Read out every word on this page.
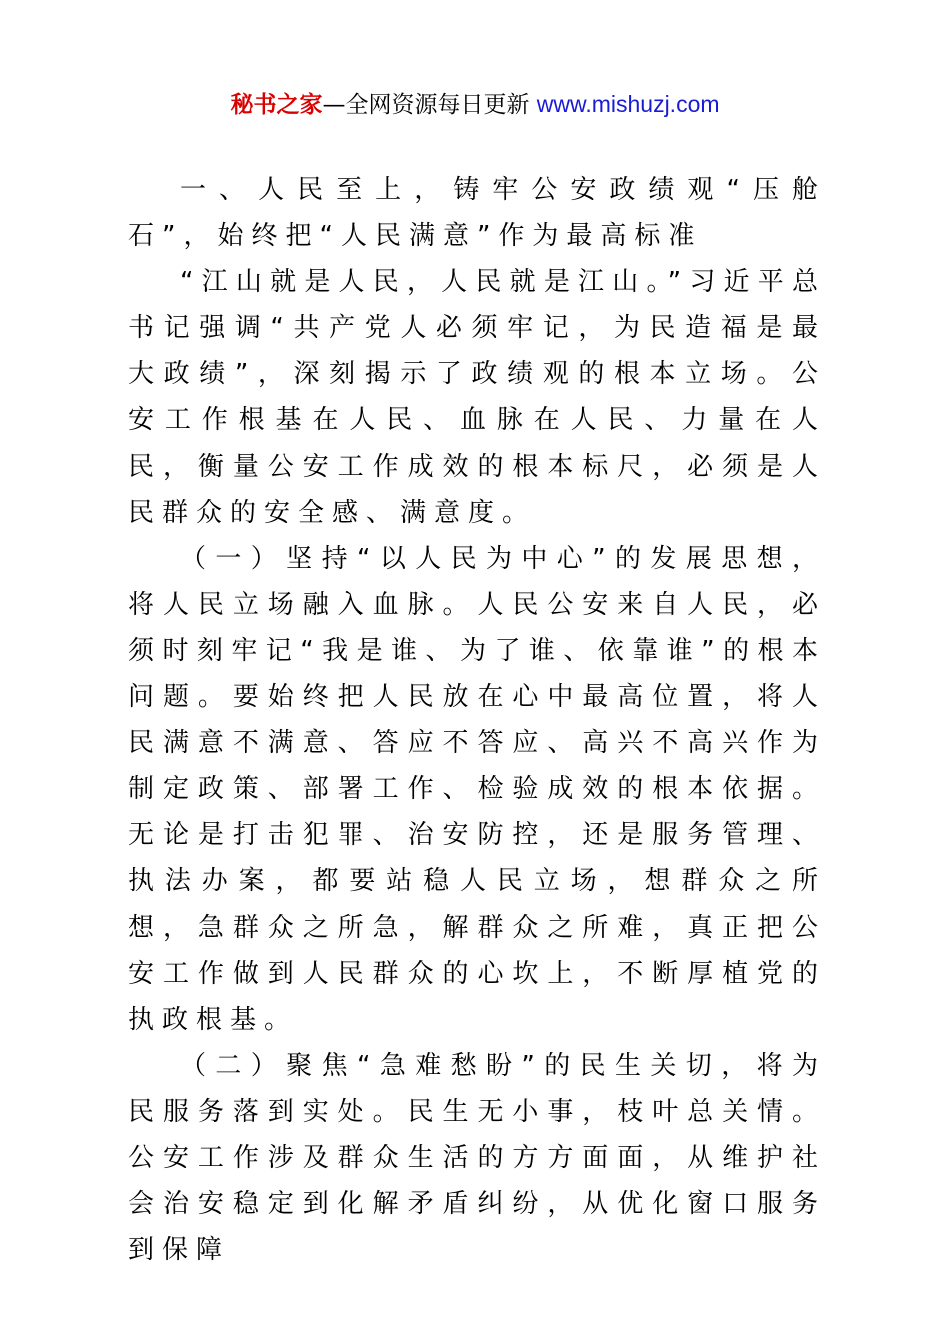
秘书之家—全网资源每日更新 www.mishuzj.com

一、人民至上，铸牢公安政绩观“压舱石”，始终把“人民满意”作为最高标准

“江山就是人民，人民就是江山。”习近平总书记强调“共产党人必须牢记，为民造福是最大政绩”，深刻揭示了政绩观的根本立场。公安工作根基在人民、血脉在人民、力量在人民，衡量公安工作成效的根本标尺，必须是人民群众的安全感、满意度。

（一）坚持“以人民为中心”的发展思想，将人民立场融入血脉。人民公安来自人民，必须时刻牢记“我是谁、为了谁、依靠谁”的根本问题。要始终把人民放在心中最高位置，将人民满意不满意、答应不答应、高兴不高兴作为制定政策、部署工作、检验成效的根本依据。无论是打击犯罪、治安防控，还是服务管理、执法办案，都要站稳人民立场，想群众之所想，急群众之所急，解群众之所难，真正把公安工作做到人民群众的心坎上，不断厚植党的执政根基。

（二）聚焦“急难愁盼”的民生关切，将为民服务落到实处。民生无小事，枝叶总关情。公安工作涉及群众生活的方方面面，从维护社会治安稳定到化解矛盾纠纷，从优化窗口服务到保障
